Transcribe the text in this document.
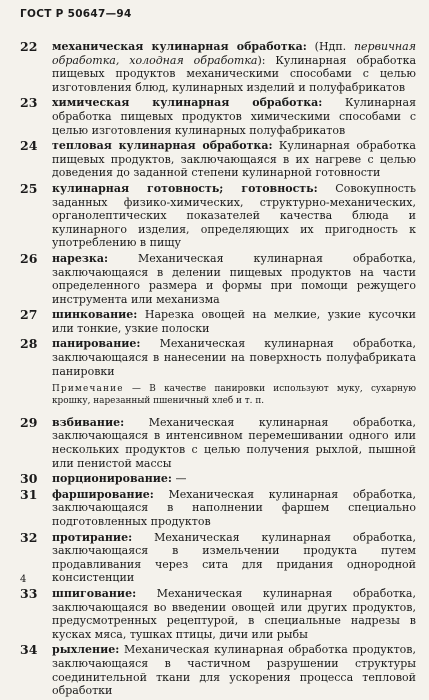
ГОСТ Р 50647—94
22	механическая кулинарная обработка: (Ндп. первичная обработка, холодная обработка): Кулинарная обработка пищевых продуктов механическими способами с целью изготовления блюд, кулинарных изделий и полуфабрикатов
23	химическая кулинарная обработка: Кулинарная обработка пищевых продуктов химическими способами с целью изготовления кулинарных полуфабрикатов
24	тепловая кулинарная обработка: Кулинарная обработка пищевых продуктов, заключающаяся в их нагреве с целью доведения до заданной степени кулинарной готовности
25	кулинарная готовность; готовность: Совокупность заданных физико-химических, структурно-механических, органолептических показателей качества блюда и кулинарного изделия, определяющих их пригодность к употреблению в пищу
26	нарезка: Механическая кулинарная обработка, заключающаяся в делении пищевых продуктов на части определенного размера и формы при помощи режущего инструмента или механизма
27	шинкование: Нарезка овощей на мелкие, узкие кусочки или тонкие, узкие полоски
28	панирование: Механическая кулинарная обработка, заключающаяся в нанесении на поверхность полуфабриката панировки
Примечание — В качестве панировки используют муку, сухарную крошку, нарезанный пшеничный хлеб и т. п.
29	взбивание: Механическая кулинарная обработка, заключающаяся в интенсивном перемешивании одного или нескольких продуктов с целью получения рыхлой, пышной или пенистой массы
30	порционирование: —
31	фарширование: Механическая кулинарная обработка, заключающаяся в наполнении фаршем специально подготовленных продуктов
32	протирание: Механическая кулинарная обработка, заключающаяся в измельчении продукта путем продавливания через сита для придания однородной консистенции
33	шпигование: Механическая кулинарная обработка, заключающаяся во введении овощей или других продуктов, предусмотренных рецептурой, в специальные надрезы в кусках мяса, тушках птицы, дичи или рыбы
34	рыхление: Механическая кулинарная обработка продуктов, заключающаяся в частичном разрушении структуры соединительной ткани для ускорения процесса тепловой обработки
4
